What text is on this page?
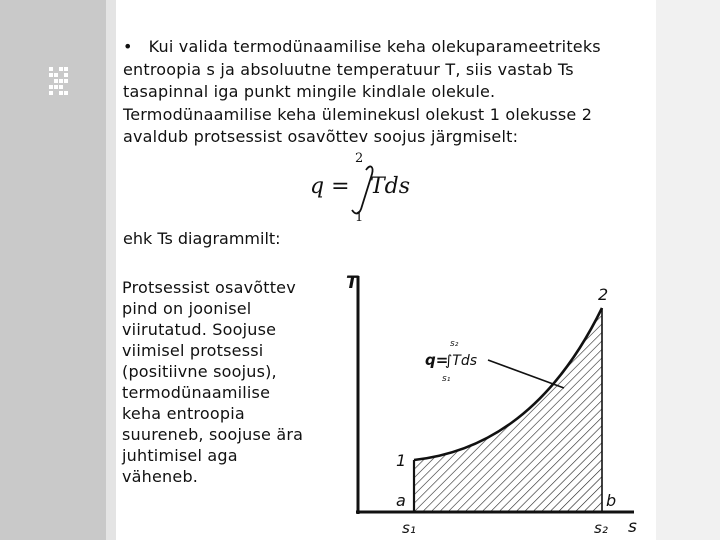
• Kui valida termodünaamilise keha olekuparameetriteks
entroopia s ja absoluutne temperatuur T, siis vastab Ts
tasapinnal iga punkt mingile kindlale olekule.
Termodünaamilise keha üleminekusl olekust 1 olekusse 2
avaldub protsessist osavõttev soojus järgmiselt:
q =
2
1
Tds
ehk Ts diagrammilt:
Protsessist osavõttev
pind on joonisel
viirutatud. Soojuse
viimisel protsessi
(positiivne soojus),
termodünaamilise
keha entroopia
suureneb, soojuse ära
juhtimisel aga
väheneb.
T
s
1
2
a	b
s₁	s₂
q=
s₂
∫Tds
s₁
